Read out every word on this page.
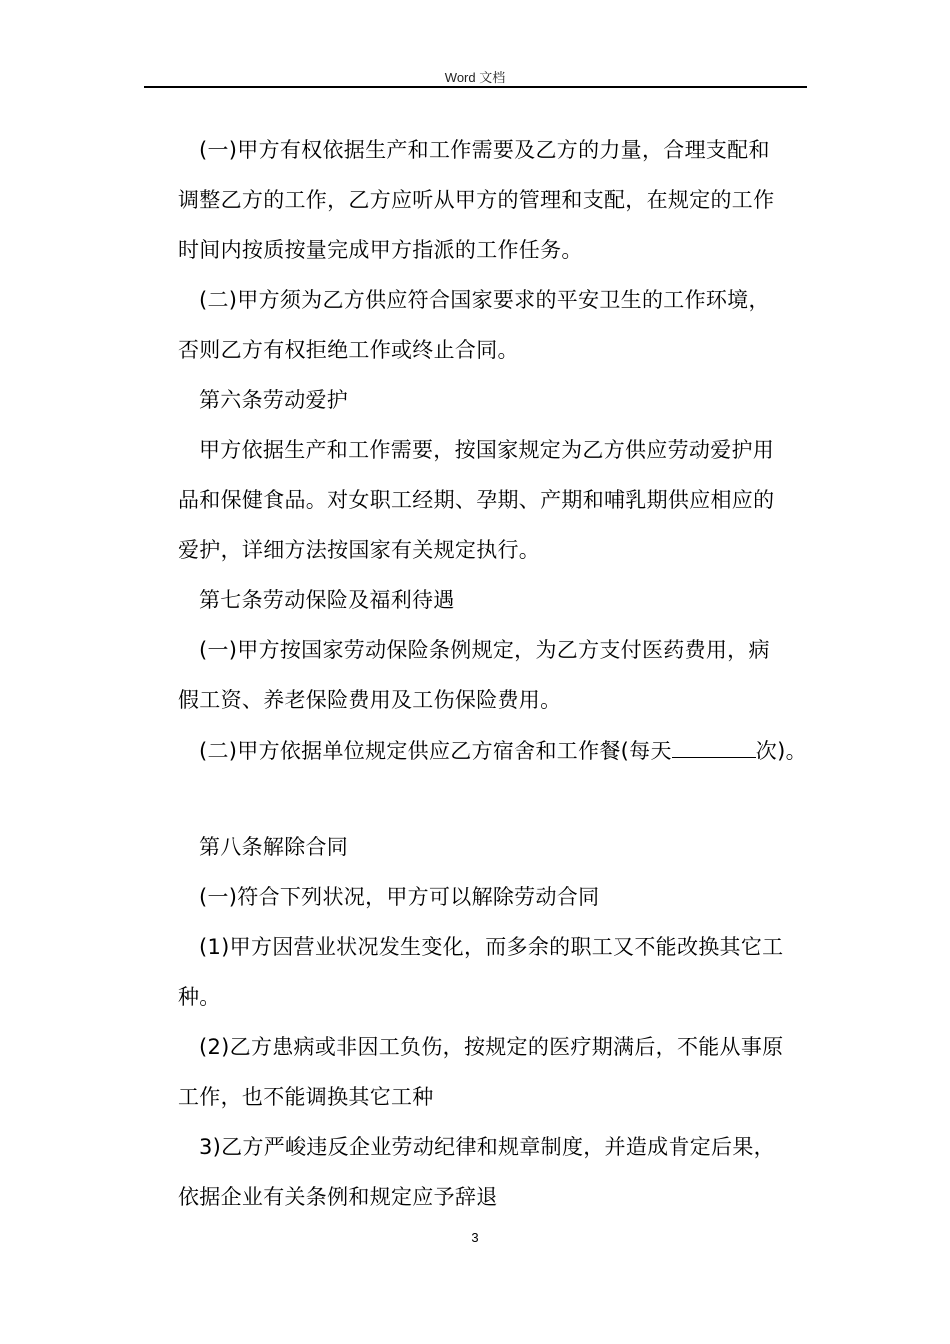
Word 文档
(一)甲方有权依据生产和工作需要及乙方的力量，合理支配和
调整乙方的工作，乙方应听从甲方的管理和支配，在规定的工作
时间内按质按量完成甲方指派的工作任务。
(二)甲方须为乙方供应符合国家要求的平安卫生的工作环境，
否则乙方有权拒绝工作或终止合同。
第六条劳动爱护
甲方依据生产和工作需要，按国家规定为乙方供应劳动爱护用
品和保健食品。对女职工经期、孕期、产期和哺乳期供应相应的
爱护，详细方法按国家有关规定执行。
第七条劳动保险及福利待遇
(一)甲方按国家劳动保险条例规定，为乙方支付医药费用，病
假工资、养老保险费用及工伤保险费用。
(二)甲方依据单位规定供应乙方宿舍和工作餐(每天	次)。
第八条解除合同
(一)符合下列状况，甲方可以解除劳动合同
(1)甲方因营业状况发生变化，而多余的职工又不能改换其它工
种。
(2)乙方患病或非因工负伤，按规定的医疗期满后，不能从事原
工作，也不能调换其它工种
3)乙方严峻违反企业劳动纪律和规章制度，并造成肯定后果，
依据企业有关条例和规定应予辞退
3
